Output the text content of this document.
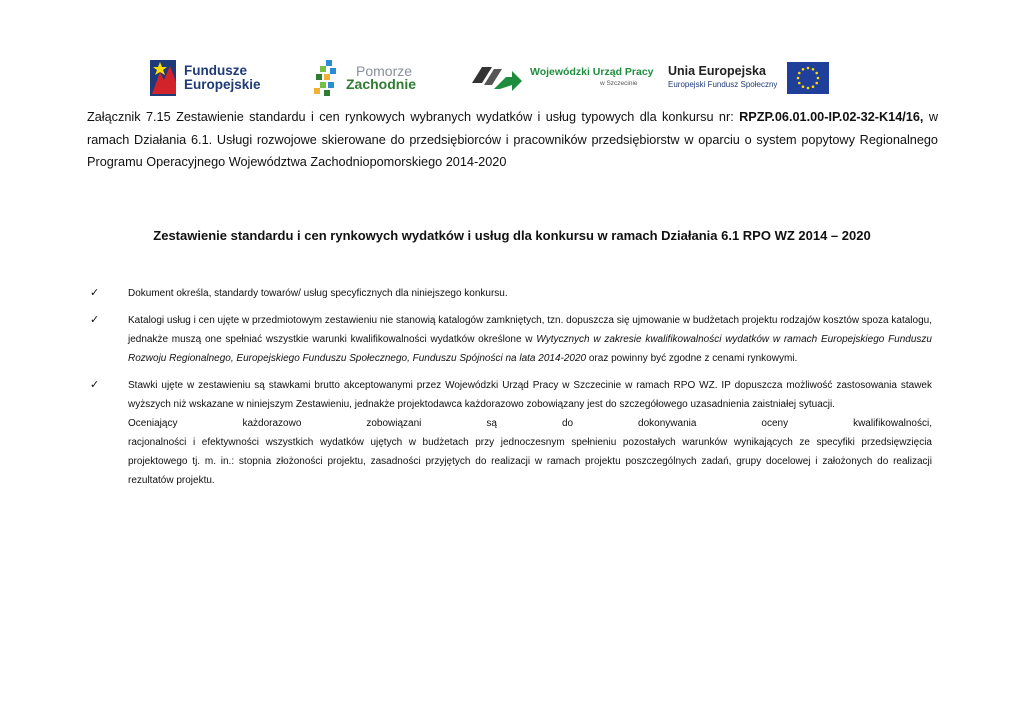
Fundusze
Europejskie
Pomorze
Zachodnie
Wojewódzki Urząd Pracy
w Szczecinie
Unia Europejska
Europejski Fundusz Społeczny
Załącznik 7.15 Zestawienie standardu i cen rynkowych wybranych wydatków i usług typowych dla konkursu nr: RPZP.06.01.00-IP.02-32-K14/16, w ramach Działania 6.1. Usługi rozwojowe skierowane do przedsiębiorców i pracowników przedsiębiorstw w oparciu o system popytowy Regionalnego Programu Operacyjnego Województwa Zachodniopomorskiego 2014-2020
Zestawienie standardu i cen rynkowych wydatków i usług dla konkursu w ramach Działania 6.1 RPO WZ 2014 – 2020
✓	Dokument określa, standardy towarów/ usług specyficznych dla niniejszego konkursu.
✓	Katalogi usług i cen ujęte w przedmiotowym zestawieniu nie stanowią katalogów zamkniętych, tzn. dopuszcza się ujmowanie w budżetach projektu rodzajów kosztów spoza katalogu, jednakże muszą one spełniać wszystkie warunki kwalifikowalności wydatków określone w Wytycznych w zakresie kwalifikowalności wydatków w ramach Europejskiego Funduszu Rozwoju Regionalnego, Europejskiego Funduszu Społecznego, Funduszu Spójności na lata 2014-2020 oraz powinny być zgodne z cenami rynkowymi.
✓	Stawki ujęte w zestawieniu są stawkami brutto akceptowanymi przez Wojewódzki Urząd Pracy w Szczecinie w ramach RPO WZ. IP dopuszcza możliwość zastosowania stawek wyższych niż wskazane w niniejszym Zestawieniu, jednakże projektodawca każdorazowo zobowiązany jest do szczegółowego uzasadnienia zaistniałej sytuacji.
Oceniający	każdorazowo	zobowiązani	są	do	dokonywania	oceny	kwalifikowalności,
racjonalności i efektywności wszystkich wydatków ujętych w budżetach przy jednoczesnym spełnieniu pozostałych warunków wynikających ze specyfiki przedsięwzięcia projektowego tj. m. in.: stopnia złożoności projektu, zasadności przyjętych do realizacji w ramach projektu poszczególnych zadań, grupy docelowej i założonych do realizacji rezultatów projektu.
